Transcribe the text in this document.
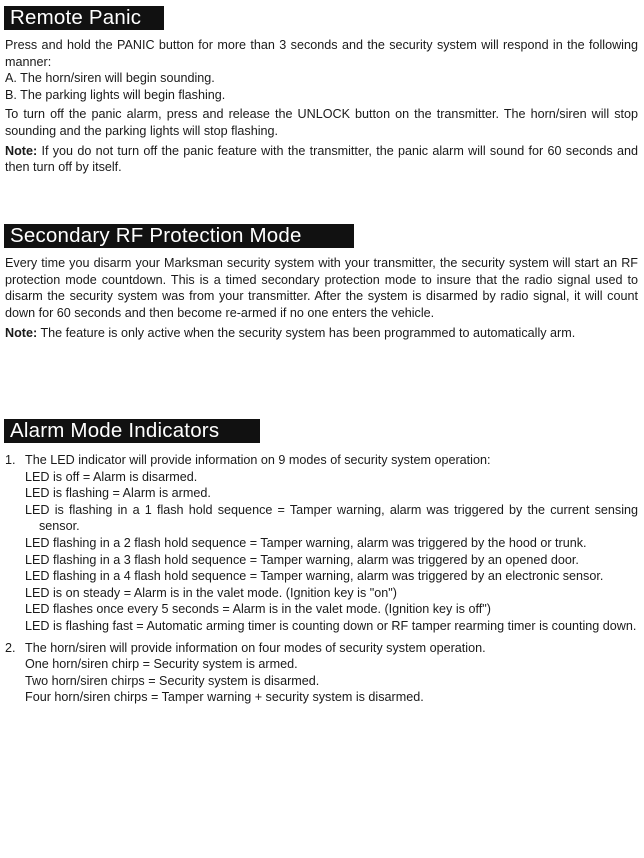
Remote Panic

Press and hold the PANIC button for more than 3 seconds and the security system will respond in the following manner:

A. The horn/siren will begin sounding.

B. The parking lights will begin flashing.

To turn off the panic alarm, press and release the UNLOCK button on the transmitter. The horn/siren will stop sounding and the parking lights will stop flashing.

Note: If you do not turn off the panic feature with the transmitter, the panic alarm will sound for 60 seconds and then turn off by itself.

Secondary RF Protection Mode

Every time you disarm your Marksman security system with your transmitter, the security system will start an RF protection mode countdown. This is a timed secondary protection mode to insure that the radio signal used to disarm the security system was from your transmitter. After the system is disarmed by radio signal, it will count down for 60 seconds and then become re-armed if no one enters the vehicle.

Note: The feature is only active when the security system has been programmed to automatically arm.

Alarm Mode Indicators
1. The LED indicator will provide information on 9 modes of security system operation:

LED is off = Alarm is disarmed.

LED is flashing = Alarm is armed.

LED is flashing in a 1 flash hold sequence = Tamper warning, alarm was triggered by the current sensing sensor.

LED flashing in a 2 flash hold sequence = Tamper warning, alarm was triggered by the hood or trunk.

LED flashing in a 3 flash hold sequence = Tamper warning, alarm was triggered by an opened door.

LED flashing in a 4 flash hold sequence = Tamper warning, alarm was triggered by an electronic sensor.

LED is on steady = Alarm is in the valet mode. (Ignition key is "on")

LED flashes once every 5 seconds = Alarm is in the valet mode. (Ignition key is off")

LED is flashing fast = Automatic arming timer is counting down or RF tamper rearming timer is counting down.

2. The horn/siren will provide information on four modes of security system operation.

One horn/siren chirp = Security system is armed.

Two horn/siren chirps = Security system is disarmed.

Four horn/siren chirps = Tamper warning + security system is disarmed.
